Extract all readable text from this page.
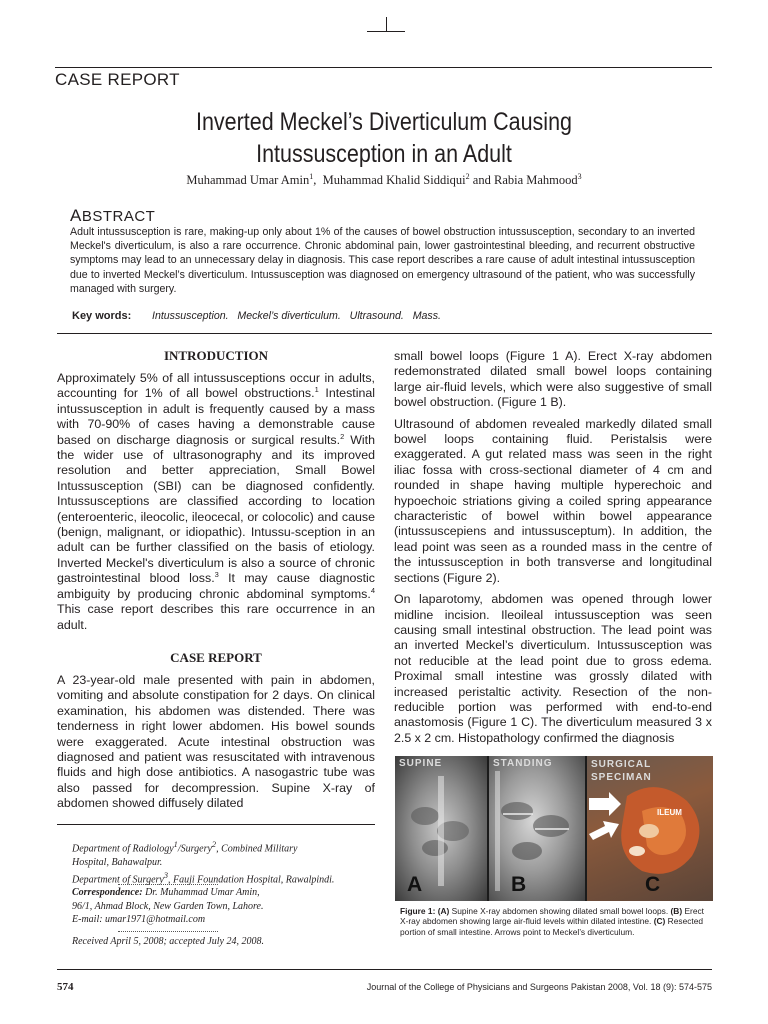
CASE REPORT
Inverted Meckel’s Diverticulum Causing
Intussusception in an Adult
Muhammad Umar Amin$^1$,  Muhammad Khalid Siddiqui$^2$ and Rabia Mahmood$^3$
ABSTRACT
Adult intussusception is rare, making-up only about 1% of the causes of bowel obstruction intussusception, secondary to an inverted Meckel's diverticulum, is also a rare occurrence. Chronic abdominal pain, lower gastrointestinal bleeding, and recurrent obstructive symptoms may lead to an unnecessary delay in diagnosis. This case report describes a rare cause of adult intestinal intussusception due to inverted Meckel’s diverticulum. Intussusception was diagnosed on emergency ultrasound of the patient, who was successfully managed with surgery.
Key words: Intussusception. Meckel’s diverticulum. Ultrasound. Mass.
INTRODUCTION

Approximately 5% of all intussusceptions occur in adults, accounting for 1% of all bowel obstructions.$^1$ Intestinal intussusception in adult is frequently caused by a mass with 70-90% of cases having a demonstrable cause based on discharge diagnosis or surgical results.$^2$ With the wider use of ultrasonography and its improved resolution and better appreciation, Small Bowel Intussusception (SBI) can be diagnosed confidently. Intussusceptions are classified according to location (enteroenteric, ileocolic, ileocecal, or colocolic) and cause (benign, malignant, or idiopathic). Intussu-sception in an adult can be further classified on the basis of etiology. Inverted Meckel's diverticulum is also a source of chronic gastrointestinal blood loss.$^3$ It may cause diagnostic ambiguity by producing chronic abdominal symptoms.$^4$ This case report describes this rare occurrence in an adult.

CASE REPORT
A 23-year-old male presented with pain in abdomen, vomiting and absolute constipation for 2 days. On clinical examination, his abdomen was distended. There was tenderness in right lower abdomen. His bowel sounds were exaggerated. Acute intestinal obstruction was diagnosed and patient was resuscitated with intravenous fluids and high dose antibiotics. A nasogastric tube was also passed for decompression. Supine X-ray of abdomen showed diffusely dilated
Department of Radiology$^1$/Surgery$^2$, Combined Military
Hospital, Bahawalpur.
Department of Surgery$^3$, Fauji Foundation Hospital, Rawalpindi.
Correspondence: Dr. Muhammad Umar Amin,
96/1, Ahmad Block, New Garden Town, Lahore.
E-mail: umar1971@hotmail.com
Received April 5, 2008; accepted July 24, 2008.

small bowel loops (Figure 1 A). Erect X-ray abdomen redemonstrated dilated small bowel loops containing large air-fluid levels, which were also suggestive of small bowel obstruction. (Figure 1 B).

Ultrasound of abdomen revealed markedly dilated small bowel loops containing fluid. Peristalsis were exaggerated. A gut related mass was seen in the right iliac fossa with cross-sectional diameter of 4 cm and rounded in shape having multiple hyperechoic and hypoechoic striations giving a coiled spring appearance characteristic of bowel within bowel appearance (intussuscepiens and intussusceptum). In addition, the lead point was seen as a rounded mass in the centre of the intussusception in both transverse and longitudinal sections (Figure 2).

On laparotomy, abdomen was opened through lower midline incision. Ileoileal intussusception was seen causing small intestinal obstruction. The lead point was an inverted Meckel’s diverticulum. Intussusception was not reducible at the lead point due to gross edema. Proximal small intestine was grossly dilated with increased peristaltic activity. Resection of the non-reducible portion was performed with end-to-end anastomosis (Figure 1 C). The diverticulum measured 3 x 2.5 x 2 cm. Histopathology confirmed the diagnosis

SUPINE
A
STANDING
B
SURGICAL SPECIMAN
ILEUM
C
Figure 1: (A) Supine X-ray abdomen showing dilated small bowel loops. (B) Erect X-ray abdomen showing large air-fluid levels within dilated intestine. (C) Resected portion of small intestine. Arrows point to Meckel’s diverticulum.
574	Journal of the College of Physicians and Surgeons Pakistan 2008, Vol. 18 (9): 574-575
